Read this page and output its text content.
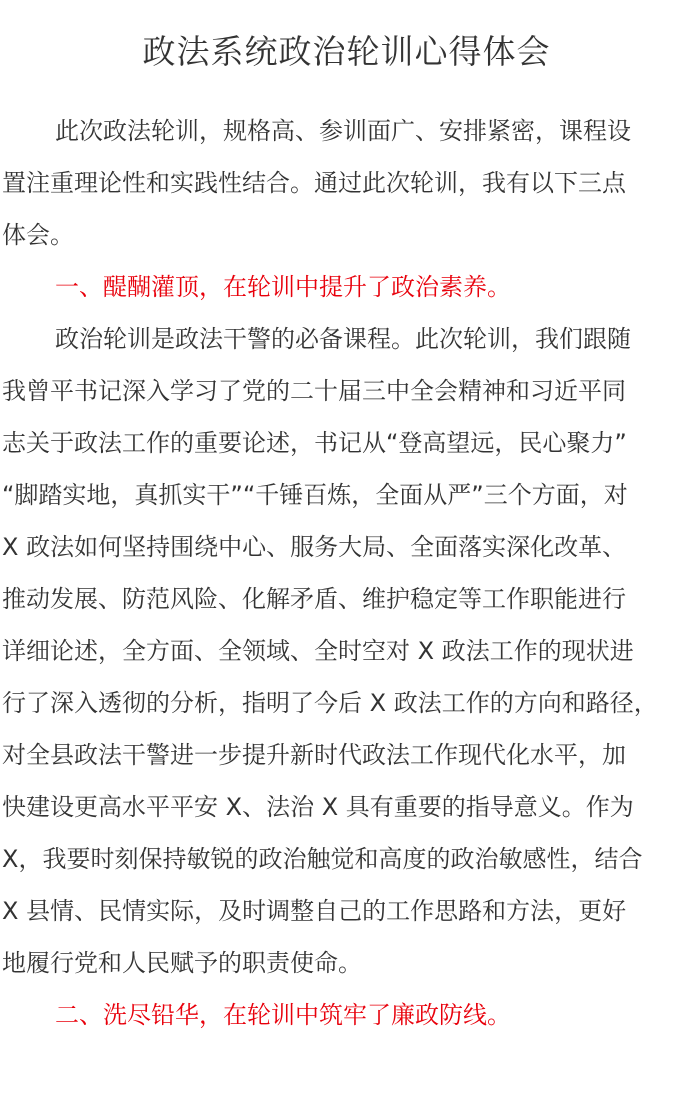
政法系统政治轮训心得体会
此次政法轮训，规格高、参训面广、安排紧密，课程设
置注重理论性和实践性结合。通过此次轮训，我有以下三点
体会。
一、醍醐灌顶，在轮训中提升了政治素养。
政治轮训是政法干警的必备课程。此次轮训，我们跟随
我曾平书记深入学习了党的二十届三中全会精神和习近平同
志关于政法工作的重要论述，书记从“登高望远，民心聚力”
“脚踏实地，真抓实干”“千锤百炼，全面从严”三个方面，对
X 政法如何坚持围绕中心、服务大局、全面落实深化改革、
推动发展、防范风险、化解矛盾、维护稳定等工作职能进行
详细论述，全方面、全领域、全时空对 X 政法工作的现状进
行了深入透彻的分析，指明了今后 X 政法工作的方向和路径，
对全县政法干警进一步提升新时代政法工作现代化水平，加
快建设更高水平平安 X、法治 X 具有重要的指导意义。作为
X，我要时刻保持敏锐的政治触觉和高度的政治敏感性，结合
X 县情、民情实际，及时调整自己的工作思路和方法，更好
地履行党和人民赋予的职责使命。
二、洗尽铅华，在轮训中筑牢了廉政防线。
